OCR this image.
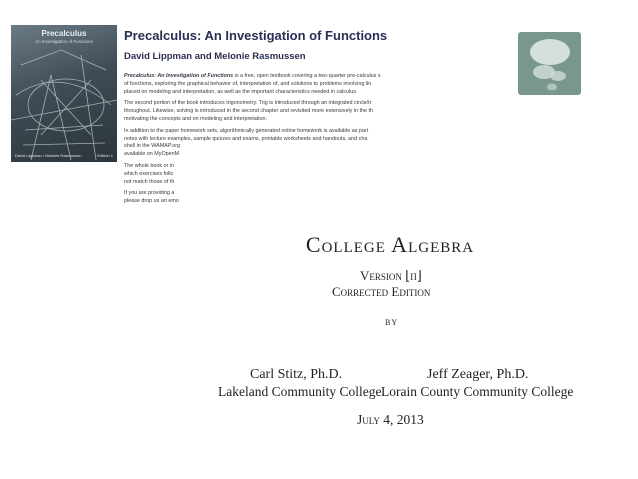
Precalculus
An Investigation of Functions
David Lippman • Melonie Rasmussen	Edition 1
Precalculus: An Investigation of Functions
David Lippman and Melonie Rasmussen

Precalculus: An Investigation of Functions is a free, open textbook covering a two-quarter pre-calculus s
of functions, exploring the graphical behavior of, interpretation of, and solutions to problems involving lin
placed on modeling and interpretation, as well as the important characteristics needed in calculus.

The second portion of the book introduces trigonometry. Trig is introduced through an integrated circle/tr
throughout. Likewise, solving is introduced in the second chapter and revisited more extensively in the th
motivating the concepts and on modeling and interpretation.

In addition to the paper homework sets, algorithmically generated online homework is available as part
notes with lecture examples, sample quizzes and exams, printable worksheets and handouts, and cha
shell in the WAMAP.org
available on MyOpenM

The whole book or in
which exercises follo
not match those of th

If you are providing a
please drop us an emo

College Algebra
Version ⌊π⌋
Corrected Edition
by
Carl Stitz, Ph.D.
Lakeland Community College
Jeff Zeager, Ph.D.
Lorain County Community College
July 4, 2013
